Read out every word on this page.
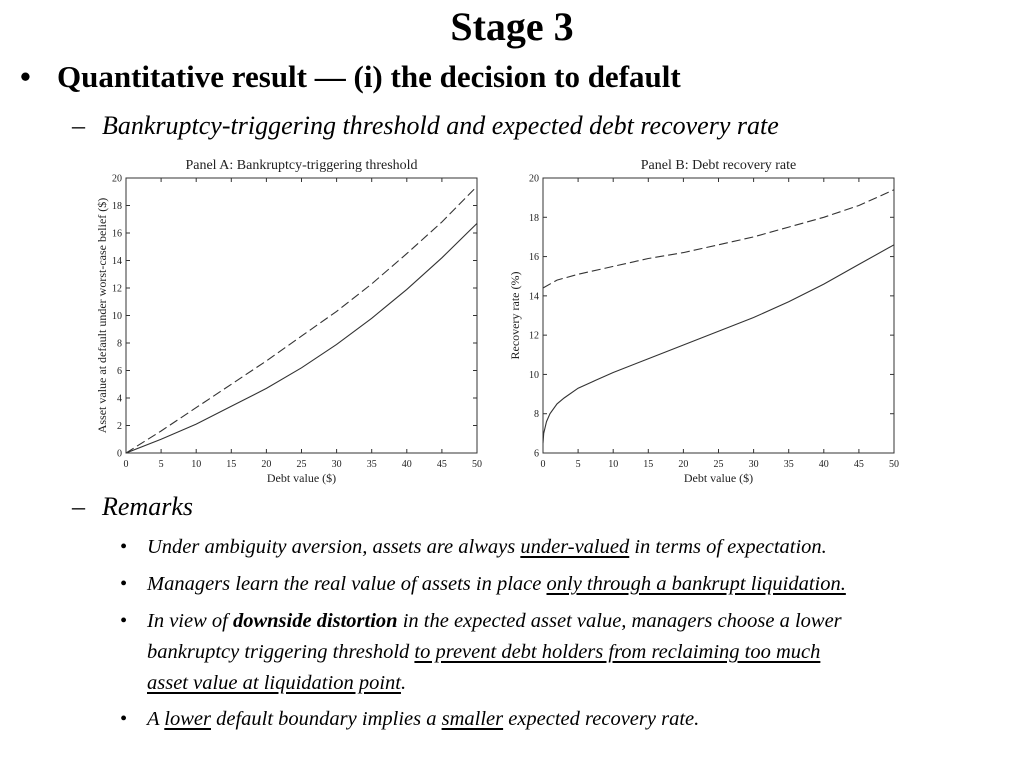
Stage 3
• Quantitative result — (i) the decision to default
– Bankruptcy-triggering threshold and expected debt recovery rate
Panel A: Bankruptcy-triggering threshold
0	5	10	15	20	25	30	35	40	45	50
0
2
4
6
8
10
12
14
16
18
20
Debt value ($)
Asset value at default under worst-case belief ($)
Panel B: Debt recovery rate
0	5	10	15	20	25	30	35	40	45	50
6
8
10
12
14
16
18
20
Debt value ($)
Recovery rate (%)
– Remarks
• Under ambiguity aversion, assets are always under-valued in terms of expectation.
• Managers learn the real value of assets in place only through a bankrupt liquidation.
• In view of downside distortion in the expected asset value, managers choose a lower
bankruptcy triggering threshold to prevent debt holders from reclaiming too much
asset value at liquidation point.
• A lower default boundary implies a smaller expected recovery rate.
